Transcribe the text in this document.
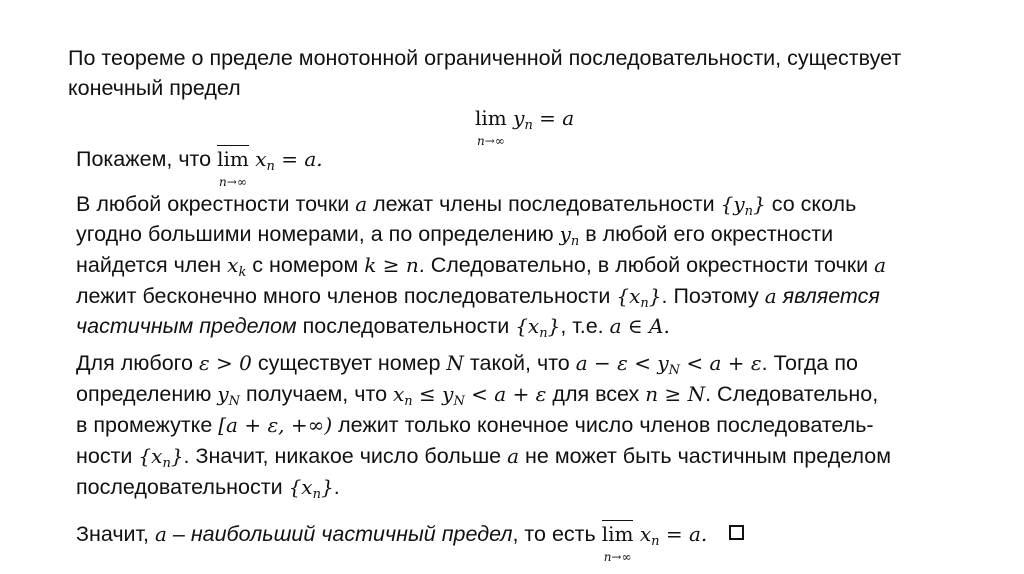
По теореме о пределе монотонной ограниченной последовательности, существует
конечный предел
lim
n→∞
$y_n = a$
Покажем, что lim
n→∞
$x_n = a$.
В любой окрестности точки a лежат члены последовательности $\{y_n\}$ со сколь
угодно большими номерами, а по определению $y_n$ в любой его окрестности
найдется член $x_k$ с номером k ≥ n. Следовательно, в любой окрестности точки a
лежит бесконечно много членов последовательности $\{x_n\}$. Поэтому a является
частичным пределом последовательности $\{x_n\}$, т.е. a ∈ A.
Для любого ε > 0 существует номер N такой, что $a - \varepsilon < y_N < a + \varepsilon$. Тогда по
определению $y_N$ получаем, что $x_n \le y_N < a + \varepsilon$ для всех n ≥ N. Следовательно,
в промежутке [a + ε, +∞) лежит только конечное число членов последователь-
ности $\{x_n\}$. Значит, никакое число больше a не может быть частичным пределом
последовательности $\{x_n\}$.
Значит, a – наибольший частичный предел, то есть lim
n→∞
$x_n = a$.
